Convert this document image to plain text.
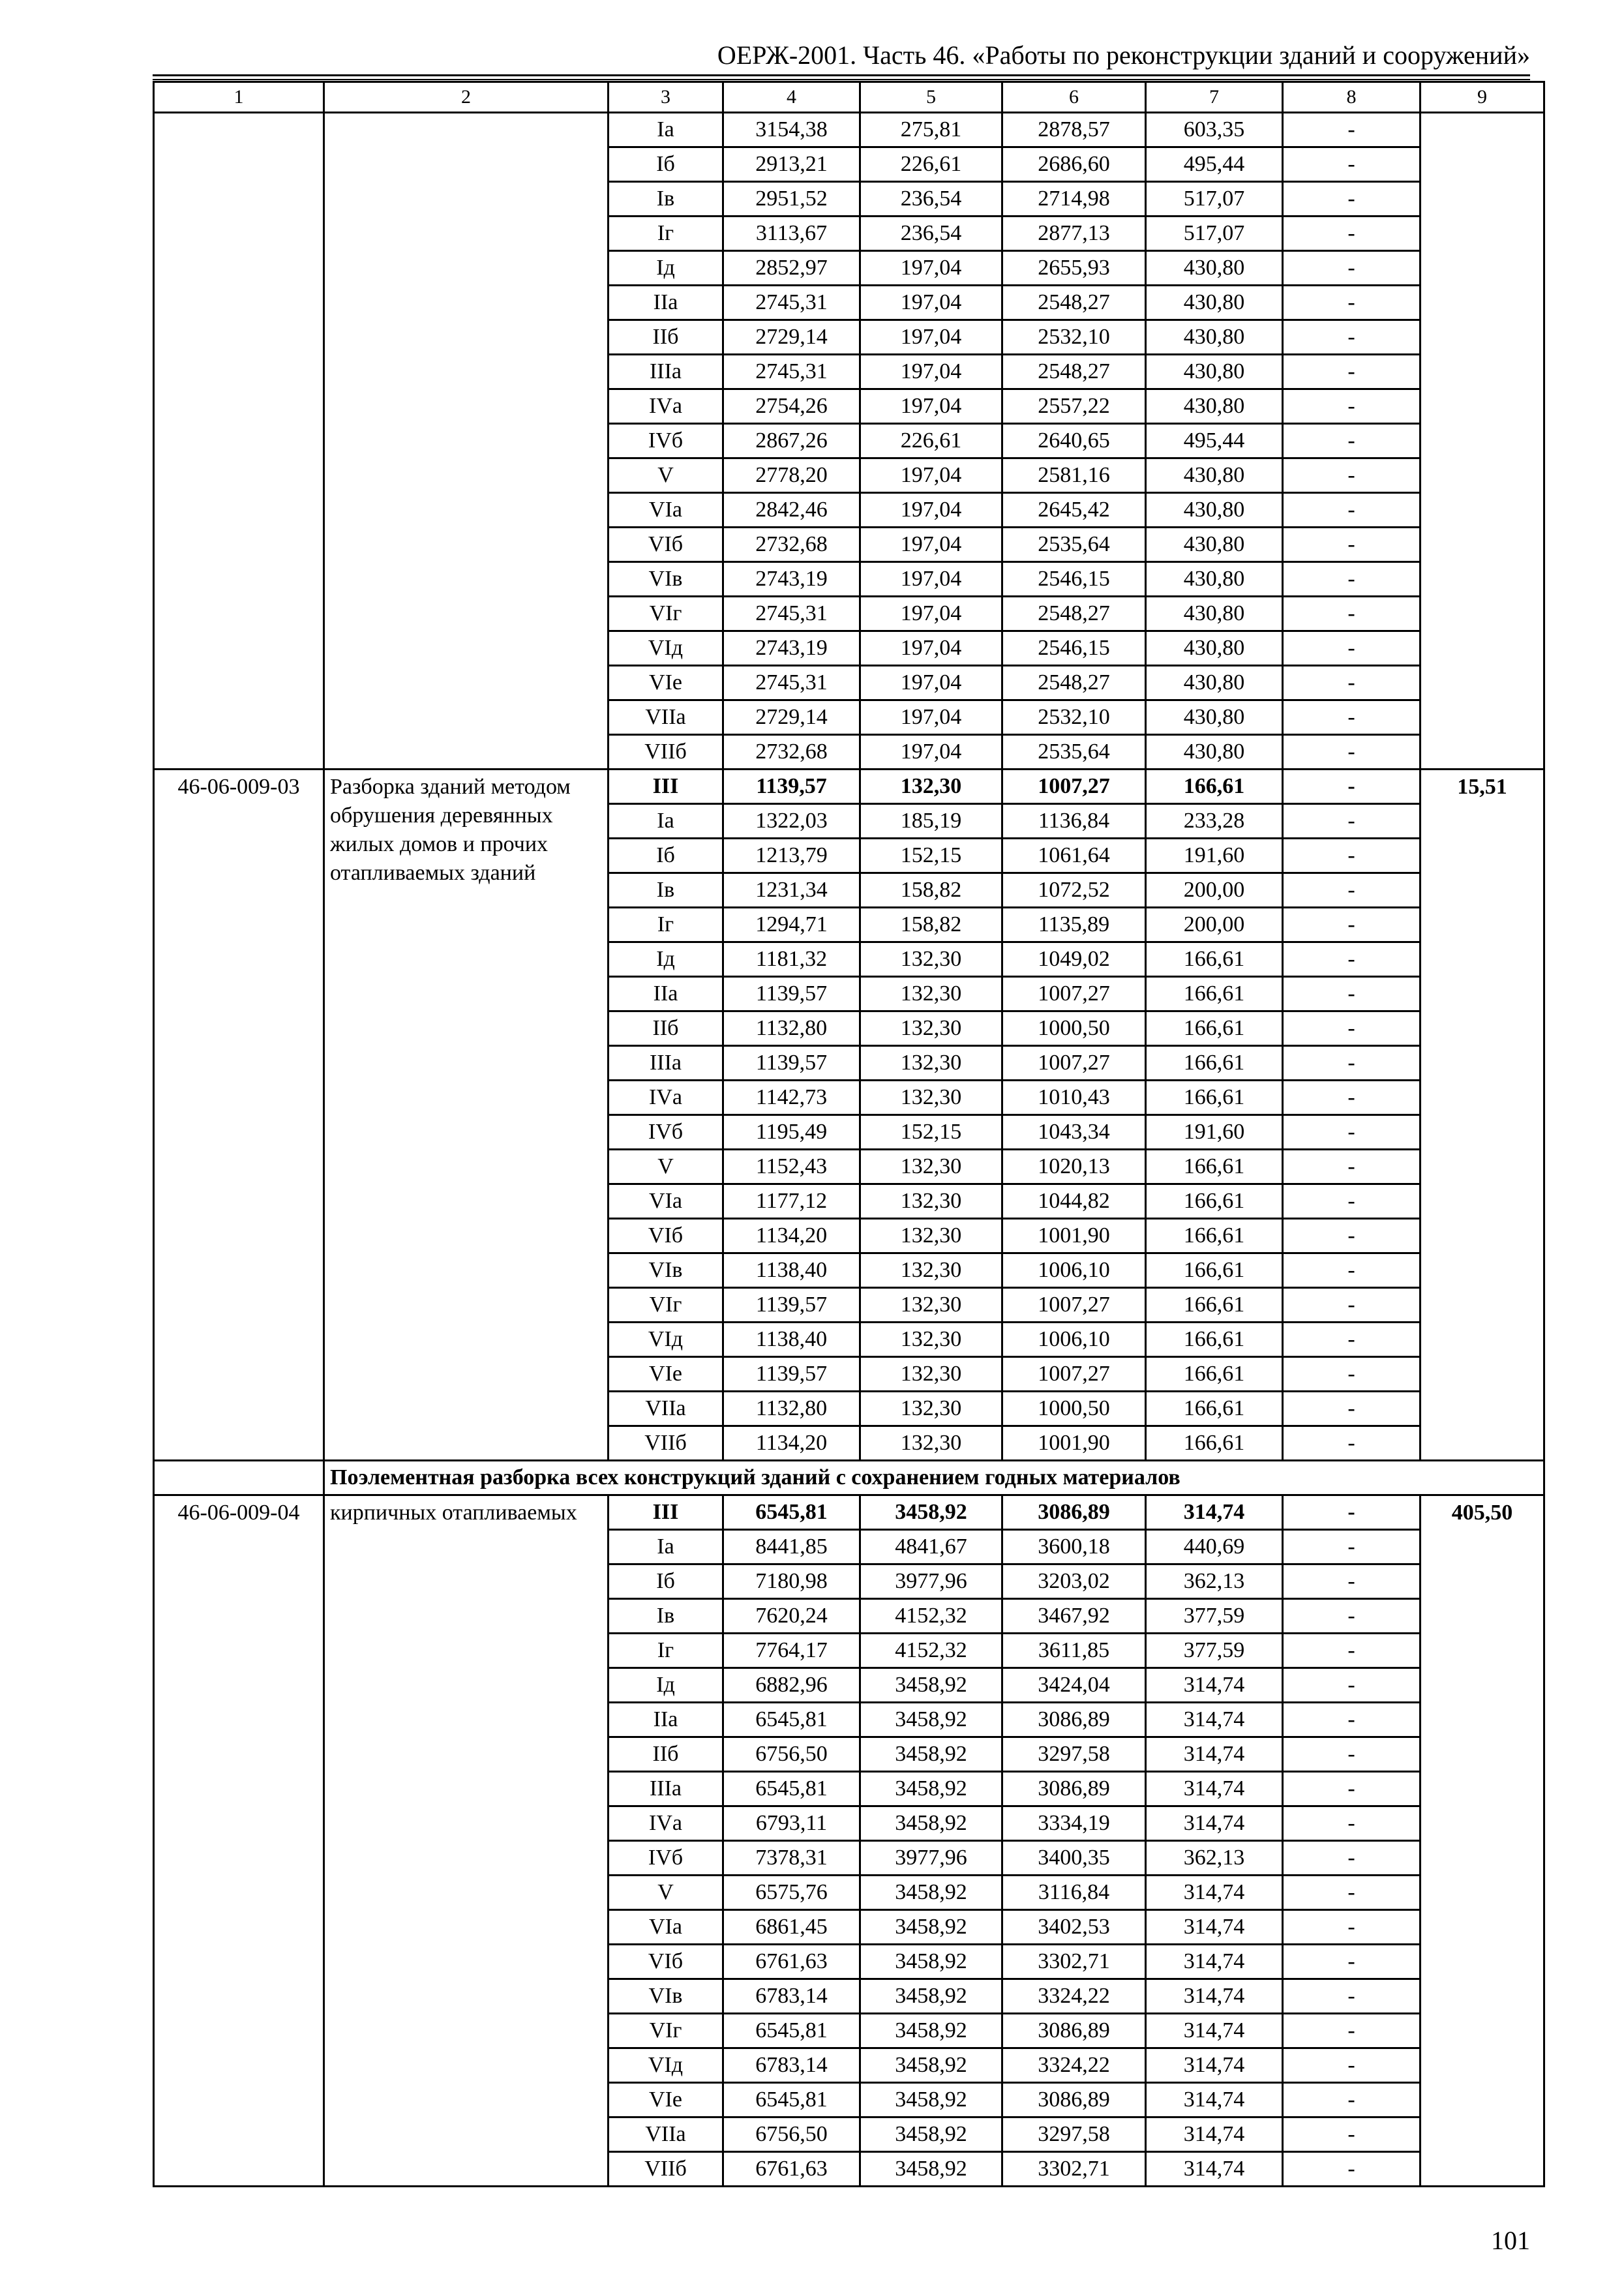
ОЕРЖ-2001. Часть 46. «Работы по реконструкции зданий и сооружений»
1	2	3	4	5	6	7	8	9
		Iа	3154,38	275,81	2878,57	603,35	-	
		Iб	2913,21	226,61	2686,60	495,44	-	
		Iв	2951,52	236,54	2714,98	517,07	-	
		Iг	3113,67	236,54	2877,13	517,07	-	
		Iд	2852,97	197,04	2655,93	430,80	-	
		IIа	2745,31	197,04	2548,27	430,80	-	
		IIб	2729,14	197,04	2532,10	430,80	-	
		IIIа	2745,31	197,04	2548,27	430,80	-	
		IVа	2754,26	197,04	2557,22	430,80	-	
		IVб	2867,26	226,61	2640,65	495,44	-	
		V	2778,20	197,04	2581,16	430,80	-	
		VIа	2842,46	197,04	2645,42	430,80	-	
		VIб	2732,68	197,04	2535,64	430,80	-	
		VIв	2743,19	197,04	2546,15	430,80	-	
		VIг	2745,31	197,04	2548,27	430,80	-	
		VIд	2743,19	197,04	2546,15	430,80	-	
		VIе	2745,31	197,04	2548,27	430,80	-	
		VIIа	2729,14	197,04	2532,10	430,80	-	
		VIIб	2732,68	197,04	2535,64	430,80	-	
46-06-009-03	Разборка зданий методом обрушения деревянных жилых домов и прочих отапливаемых зданий	III	1139,57	132,30	1007,27	166,61	-	15,51
		Iа	1322,03	185,19	1136,84	233,28	-	
		Iб	1213,79	152,15	1061,64	191,60	-	
		Iв	1231,34	158,82	1072,52	200,00	-	
		Iг	1294,71	158,82	1135,89	200,00	-	
		Iд	1181,32	132,30	1049,02	166,61	-	
		IIа	1139,57	132,30	1007,27	166,61	-	
		IIб	1132,80	132,30	1000,50	166,61	-	
		IIIа	1139,57	132,30	1007,27	166,61	-	
		IVа	1142,73	132,30	1010,43	166,61	-	
		IVб	1195,49	152,15	1043,34	191,60	-	
		V	1152,43	132,30	1020,13	166,61	-	
		VIа	1177,12	132,30	1044,82	166,61	-	
		VIб	1134,20	132,30	1001,90	166,61	-	
		VIв	1138,40	132,30	1006,10	166,61	-	
		VIг	1139,57	132,30	1007,27	166,61	-	
		VIд	1138,40	132,30	1006,10	166,61	-	
		VIе	1139,57	132,30	1007,27	166,61	-	
		VIIа	1132,80	132,30	1000,50	166,61	-	
		VIIб	1134,20	132,30	1001,90	166,61	-	
	Поэлементная разборка всех конструкций зданий с сохранением годных материалов							
46-06-009-04	кирпичных отапливаемых	III	6545,81	3458,92	3086,89	314,74	-	405,50
		Iа	8441,85	4841,67	3600,18	440,69	-	
		Iб	7180,98	3977,96	3203,02	362,13	-	
		Iв	7620,24	4152,32	3467,92	377,59	-	
		Iг	7764,17	4152,32	3611,85	377,59	-	
		Iд	6882,96	3458,92	3424,04	314,74	-	
		IIа	6545,81	3458,92	3086,89	314,74	-	
		IIб	6756,50	3458,92	3297,58	314,74	-	
		IIIа	6545,81	3458,92	3086,89	314,74	-	
		IVа	6793,11	3458,92	3334,19	314,74	-	
		IVб	7378,31	3977,96	3400,35	362,13	-	
		V	6575,76	3458,92	3116,84	314,74	-	
		VIа	6861,45	3458,92	3402,53	314,74	-	
		VIб	6761,63	3458,92	3302,71	314,74	-	
		VIв	6783,14	3458,92	3324,22	314,74	-	
		VIг	6545,81	3458,92	3086,89	314,74	-	
		VIд	6783,14	3458,92	3324,22	314,74	-	
		VIе	6545,81	3458,92	3086,89	314,74	-	
		VIIа	6756,50	3458,92	3297,58	314,74	-	
		VIIб	6761,63	3458,92	3302,71	314,74	-	
101
